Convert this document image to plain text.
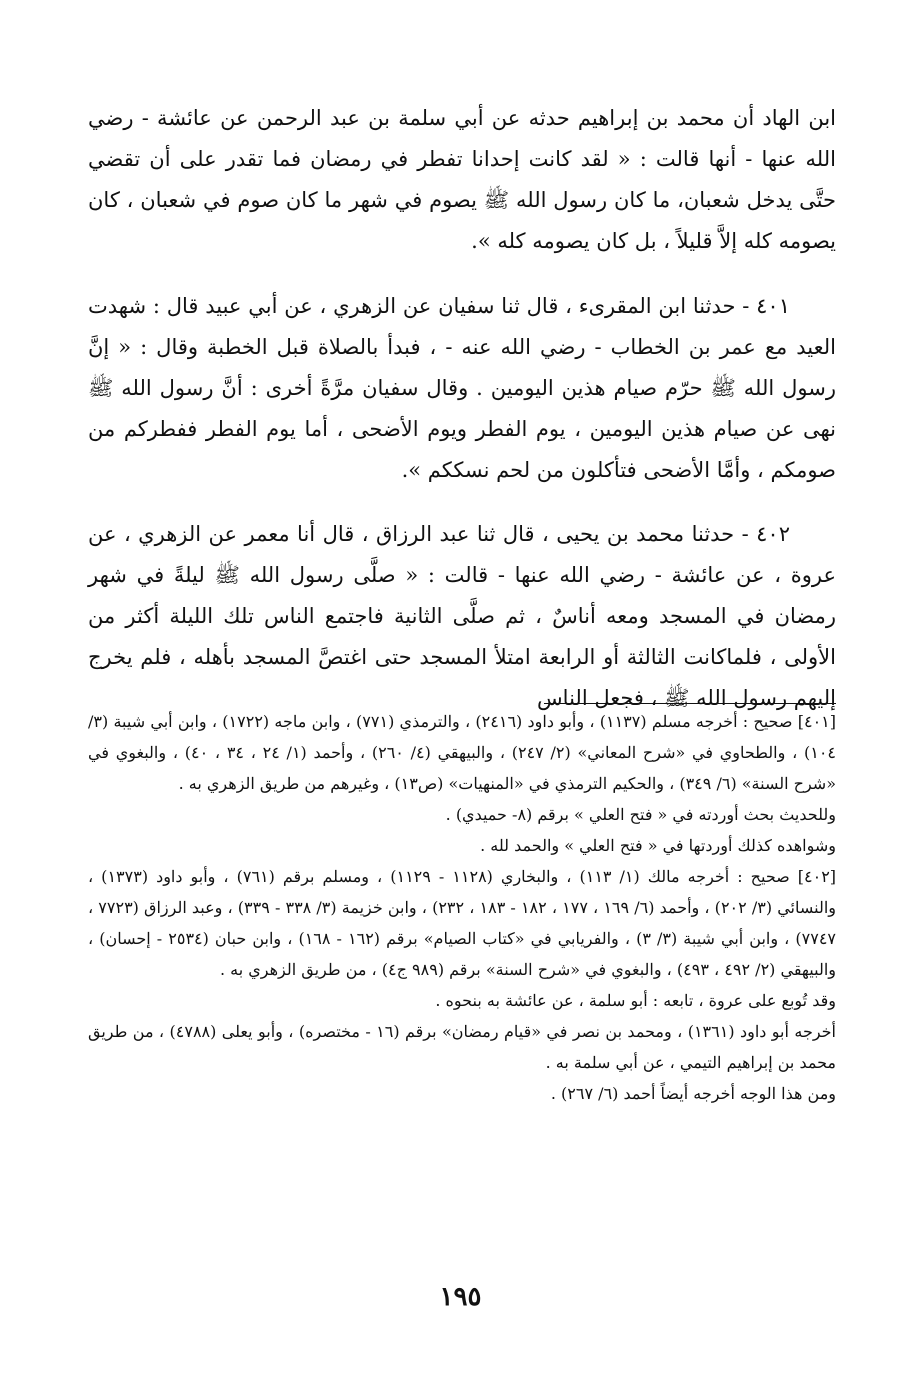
ابن الهاد أن محمد بن إبراهيم حدثه عن أبي سلمة بن عبد الرحمن عن عائشة - رضي الله عنها - أنها قالت : « لقد كانت إحدانا تفطر في رمضان فما تقدر على أن تقضي حتَّى يدخل شعبان، ما كان رسول الله ﷺ يصوم في شهر ما كان صوم في شعبان ، كان يصومه كله إلاَّ قليلاً ، بل كان يصومه كله ».

٤٠١ - حدثنا ابن المقرىء ، قال ثنا سفيان عن الزهري ، عن أبي عبيد قال : شهدت العيد مع عمر بن الخطاب - رضي الله عنه - ، فبدأ بالصلاة قبل الخطبة وقال : « إنَّ رسول الله ﷺ حرّم صيام هذين اليومين . وقال سفيان مرَّةً أخرى : أنَّ رسول الله ﷺ نهى عن صيام هذين اليومين ، يوم الفطر ويوم الأضحى ، أما يوم الفطر ففطركم من صومكم ، وأمَّا الأضحى فتأكلون من لحم نسككم ».

٤٠٢ - حدثنا محمد بن يحيى ، قال ثنا عبد الرزاق ، قال أنا معمر عن الزهري ، عن عروة ، عن عائشة - رضي الله عنها - قالت : « صلَّى رسول الله ﷺ ليلةً في شهر رمضان في المسجد ومعه أناسٌ ، ثم صلَّى الثانية فاجتمع الناس تلك الليلة أكثر من الأولى ، فلماكانت الثالثة أو الرابعة امتلأ المسجد حتى اغتصَّ المسجد بأهله ، فلم يخرج إليهم رسول الله ﷺ ، فجعل الناس

[٤٠١] صحيح : أخرجه مسلم (١١٣٧) ، وأبو داود (٢٤١٦) ، والترمذي (٧٧١) ، وابن ماجه (١٧٢٢) ، وابن أبي شيبة (٣/ ١٠٤) ، والطحاوي في «شرح المعاني» (٢/ ٢٤٧) ، والبيهقي (٤/ ٢٦٠) ، وأحمد (١/ ٢٤ ، ٣٤ ، ٤٠) ، والبغوي في «شرح السنة» (٦/ ٣٤٩) ، والحكيم الترمذي في «المنهيات» (ص١٣) ، وغيرهم من طريق الزهري به .

وللحديث بحث أوردته في « فتح العلي » برقم (٨- حميدي) .

وشواهده كذلك أوردتها في « فتح العلي » والحمد لله .

[٤٠٢] صحيح : أخرجه مالك (١/ ١١٣) ، والبخاري (١١٢٨ - ١١٢٩) ، ومسلم برقم (٧٦١) ، وأبو داود (١٣٧٣) ، والنسائي (٣/ ٢٠٢) ، وأحمد (٦/ ١٦٩ ، ١٧٧ ، ١٨٢ - ١٨٣ ، ٢٣٢) ، وابن خزيمة (٣/ ٣٣٨ - ٣٣٩) ، وعبد الرزاق (٧٧٢٣ ، ٧٧٤٧) ، وابن أبي شيبة (٣/ ٣) ، والفريابي في «كتاب الصيام» برقم (١٦٢ - ١٦٨) ، وابن حبان (٢٥٣٤ - إحسان) ، والبيهقي (٢/ ٤٩٢ ، ٤٩٣) ، والبغوي في «شرح السنة» برقم (٩٨٩ ج٤) ، من طريق الزهري به .

وقد تُوبع على عروة ، تابعه : أبو سلمة ، عن عائشة به بنحوه .

أخرجه أبو داود (١٣٦١) ، ومحمد بن نصر في «قيام رمضان» برقم (١٦ - مختصره) ، وأبو يعلى (٤٧٨٨) ، من طريق محمد بن إبراهيم التيمي ، عن أبي سلمة به .

ومن هذا الوجه أخرجه أيضاً أحمد (٦/ ٢٦٧) .

١٩٥
